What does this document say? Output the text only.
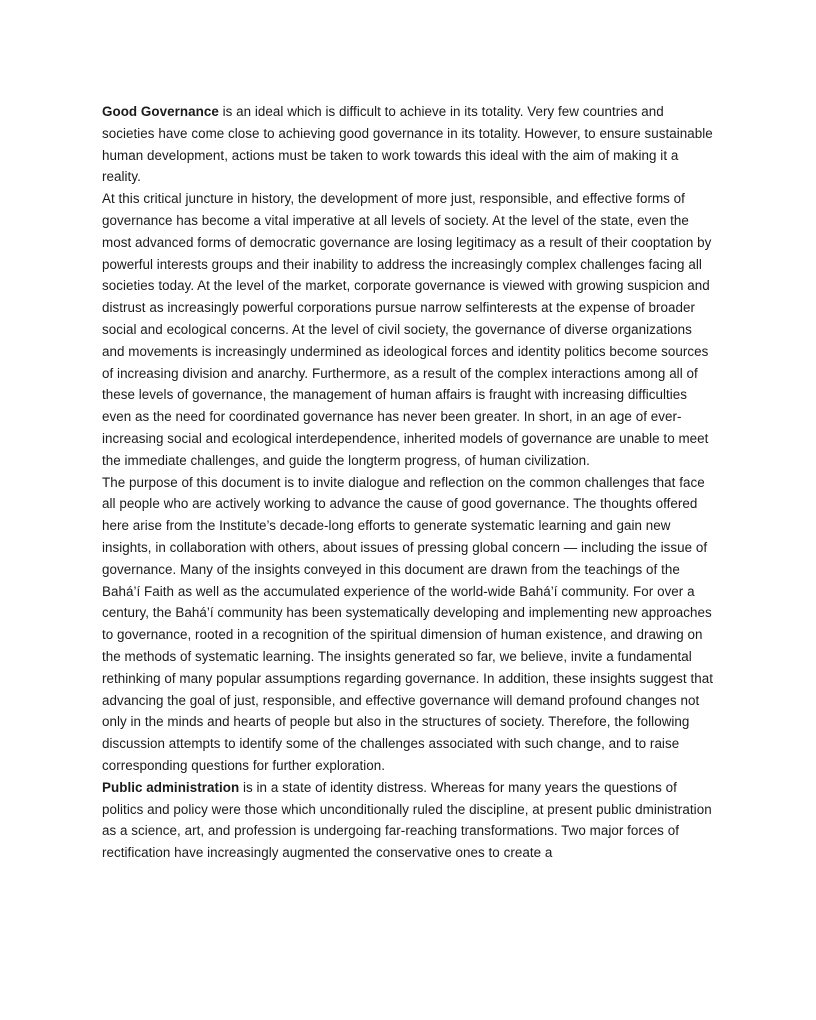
Good Governance is an ideal which is difficult to achieve in its totality. Very few countries and societies have come close to achieving good governance in its totality. However, to ensure sustainable human development, actions must be taken to work towards this ideal with the aim of making it a reality.

At this critical juncture in history, the development of more just, responsible, and effective forms of governance has become a vital imperative at all levels of society. At the level of the state, even the most advanced forms of democratic governance are losing legitimacy as a result of their cooptation by powerful interests groups and their inability to address the increasingly complex challenges facing all societies today. At the level of the market, corporate governance is viewed with growing suspicion and distrust as increasingly powerful corporations pursue narrow selfinterests at the expense of broader social and ecological concerns. At the level of civil society, the governance of diverse organizations and movements is increasingly undermined as ideological forces and identity politics become sources of increasing division and anarchy. Furthermore, as a result of the complex interactions among all of these levels of governance, the management of human affairs is fraught with increasing difficulties even as the need for coordinated governance has never been greater. In short, in an age of ever-increasing social and ecological interdependence, inherited models of governance are unable to meet the immediate challenges, and guide the longterm progress, of human civilization.

The purpose of this document is to invite dialogue and reflection on the common challenges that face all people who are actively working to advance the cause of good governance. The thoughts offered here arise from the Institute’s decade-long efforts to generate systematic learning and gain new insights, in collaboration with others, about issues of pressing global concern — including the issue of governance. Many of the insights conveyed in this document are drawn from the teachings of the Bahá’í Faith as well as the accumulated experience of the world-wide Bahá’í community. For over a century, the Bahá’í community has been systematically developing and implementing new approaches to governance, rooted in a recognition of the spiritual dimension of human existence, and drawing on the methods of systematic learning. The insights generated so far, we believe, invite a fundamental rethinking of many popular assumptions regarding governance. In addition, these insights suggest that advancing the goal of just, responsible, and effective governance will demand profound changes not only in the minds and hearts of people but also in the structures of society. Therefore, the following discussion attempts to identify some of the challenges associated with such change, and to raise corresponding questions for further exploration.

Public administration is in a state of identity distress. Whereas for many years the questions of politics and policy were those which unconditionally ruled the discipline, at present public dministration as a science, art, and profession is undergoing far-reaching transformations. Two major forces of rectification have increasingly augmented the conservative ones to create a
